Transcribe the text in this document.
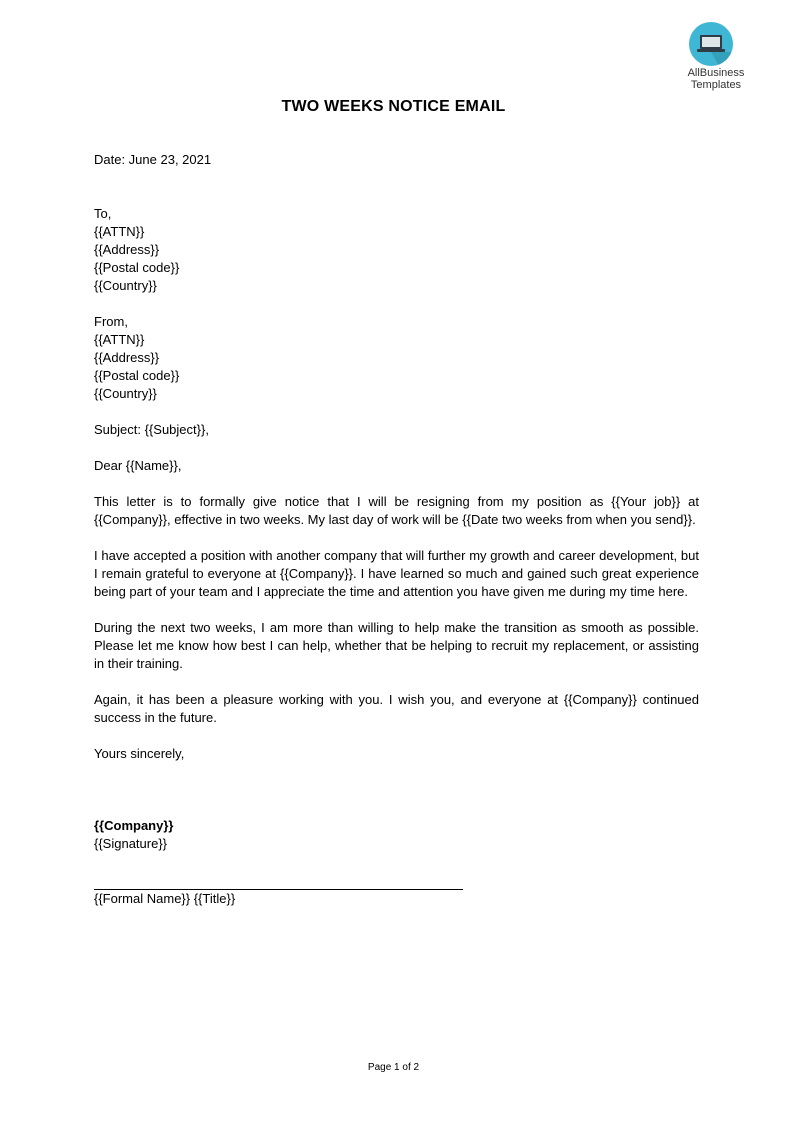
AllBusiness
Templates
TWO WEEKS NOTICE EMAIL

Date: June 23, 2021

To,

{{ATTN}}

{{Address}}

{{Postal code}}

{{Country}}

From,

{{ATTN}}

{{Address}}

{{Postal code}}

{{Country}}

Subject: {{Subject}},

Dear {{Name}},

This letter is to formally give notice that I will be resigning from my position as {{Your job}} at {{Company}}, effective in two weeks. My last day of work will be {{Date two weeks from when you send}}.

I have accepted a position with another company that will further my growth and career development, but I remain grateful to everyone at {{Company}}. I have learned so much and gained such great experience being part of your team and I appreciate the time and attention you have given me during my time here.

During the next two weeks, I am more than willing to help make the transition as smooth as possible. Please let me know how best I can help, whether that be helping to recruit my replacement, or assisting in their training.

Again, it has been a pleasure working with you. I wish you, and everyone at {{Company}} continued success in the future.

Yours sincerely,

{{Company}}

{{Signature}}

{{Formal Name}} {{Title}}

Page 1 of 2
